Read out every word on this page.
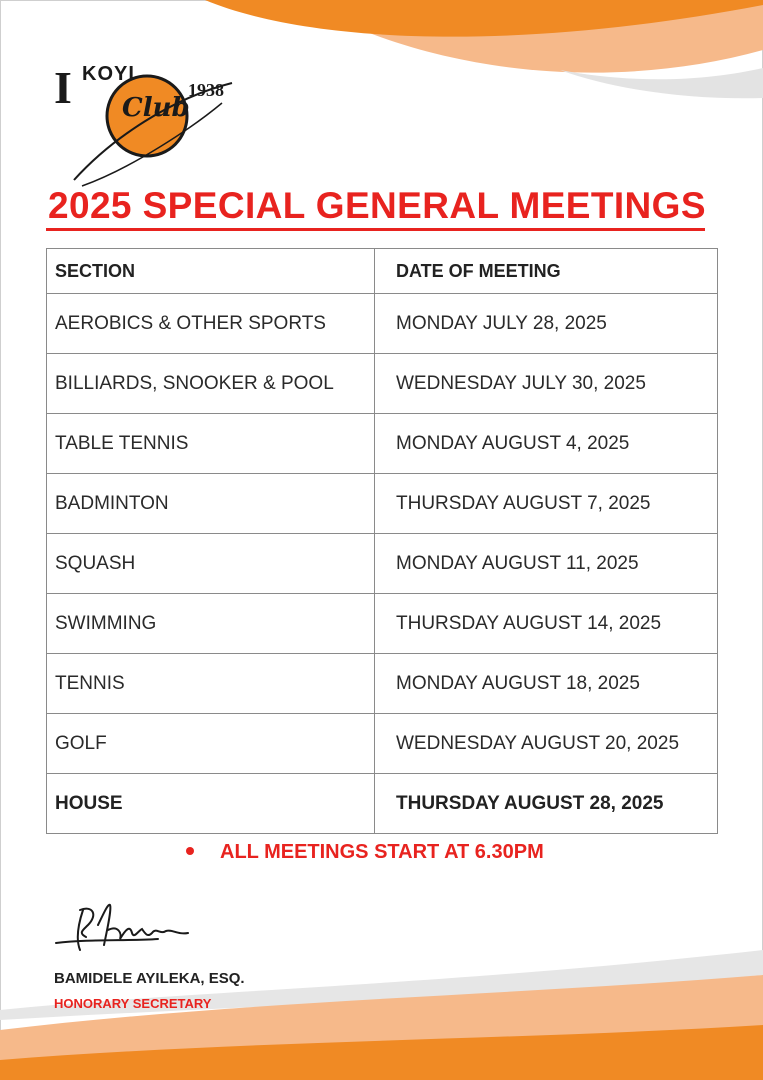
I KOYI
Club
1938
2025 SPECIAL GENERAL MEETINGS
SECTION	DATE OF MEETING
AEROBICS & OTHER SPORTS	MONDAY JULY 28, 2025
BILLIARDS, SNOOKER & POOL	WEDNESDAY JULY 30, 2025
TABLE TENNIS	MONDAY AUGUST 4, 2025
BADMINTON	THURSDAY AUGUST 7, 2025
SQUASH	MONDAY AUGUST 11, 2025
SWIMMING	THURSDAY AUGUST 14, 2025
TENNIS	MONDAY AUGUST 18, 2025
GOLF	WEDNESDAY AUGUST 20, 2025
HOUSE	THURSDAY AUGUST 28, 2025
ALL MEETINGS START AT 6.30PM
BAMIDELE AYILEKA, ESQ.
HONORARY SECRETARY
